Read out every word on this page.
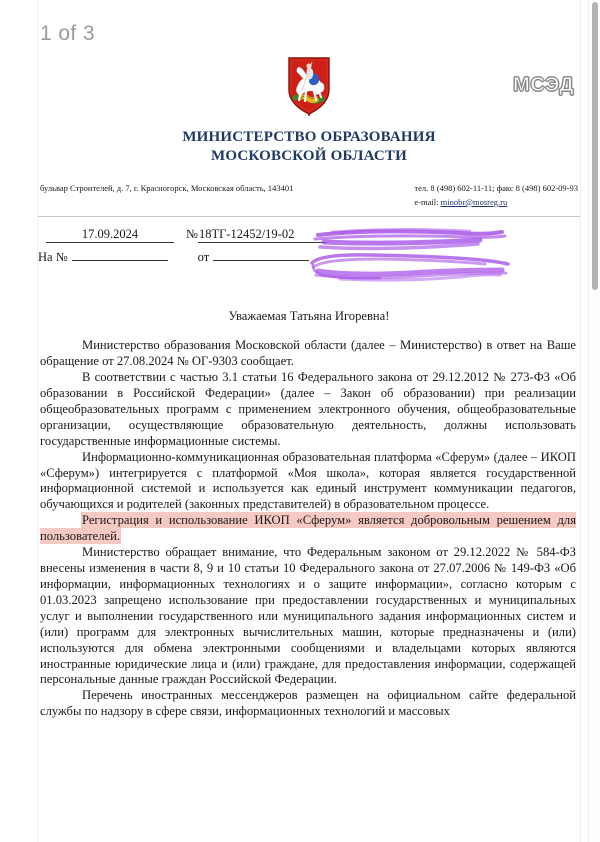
МСЭД
МИНИСТЕРСТВО ОБРАЗОВАНИЯ
МОСКОВСКОЙ ОБЛАСТИ
бульвар Строителей, д. 7, г. Красногорск, Московская область, 143401	тел. 8 (498) 602-11-11; факс 8 (498) 602-09-93
e-mail: minobr@mosreg.ru
17.09.2024	№ 18ТГ-12452/19-02
На №	от
Уважаемая Татьяна Игоревна!

Министерство образования Московской области (далее – Министерство) в ответ на Ваше обращение от 27.08.2024 № ОГ-9303 сообщает.

В соответствии с частью 3.1 статьи 16 Федерального закона от 29.12.2012 № 273-ФЗ «Об образовании в Российской Федерации» (далее – Закон об образовании) при реализации общеобразовательных программ с применением электронного обучения, общеобразовательные организации, осуществляющие образовательную деятельность, должны использовать государственные информационные системы.

Информационно-коммуникационная образовательная платформа «Сферум» (далее – ИКОП «Сферум») интегрируется с платформой «Моя школа», которая является государственной информационной системой и используется как единый инструмент коммуникации педагогов, обучающихся и родителей (законных представителей) в образовательном процессе.

Регистрация и использование ИКОП «Сферум» является добровольным решением для пользователей.

Министерство обращает внимание, что Федеральным законом от 29.12.2022 № 584-ФЗ внесены изменения в части 8, 9 и 10 статьи 10 Федерального закона от 27.07.2006 № 149-ФЗ «Об информации, информационных технологиях и о защите информации», согласно которым с 01.03.2023 запрещено использование при предоставлении государственных и муниципальных услуг и выполнении государственного или муниципального задания информационных систем и (или) программ для электронных вычислительных машин, которые предназначены и (или) используются для обмена электронными сообщениями и владельцами которых являются иностранные юридические лица и (или) граждане, для предоставления информации, содержащей персональные данные граждан Российской Федерации.

Перечень иностранных мессенджеров размещен на официальном сайте федеральной службы по надзору в сфере связи, информационных технологий и массовых

1 of 3
